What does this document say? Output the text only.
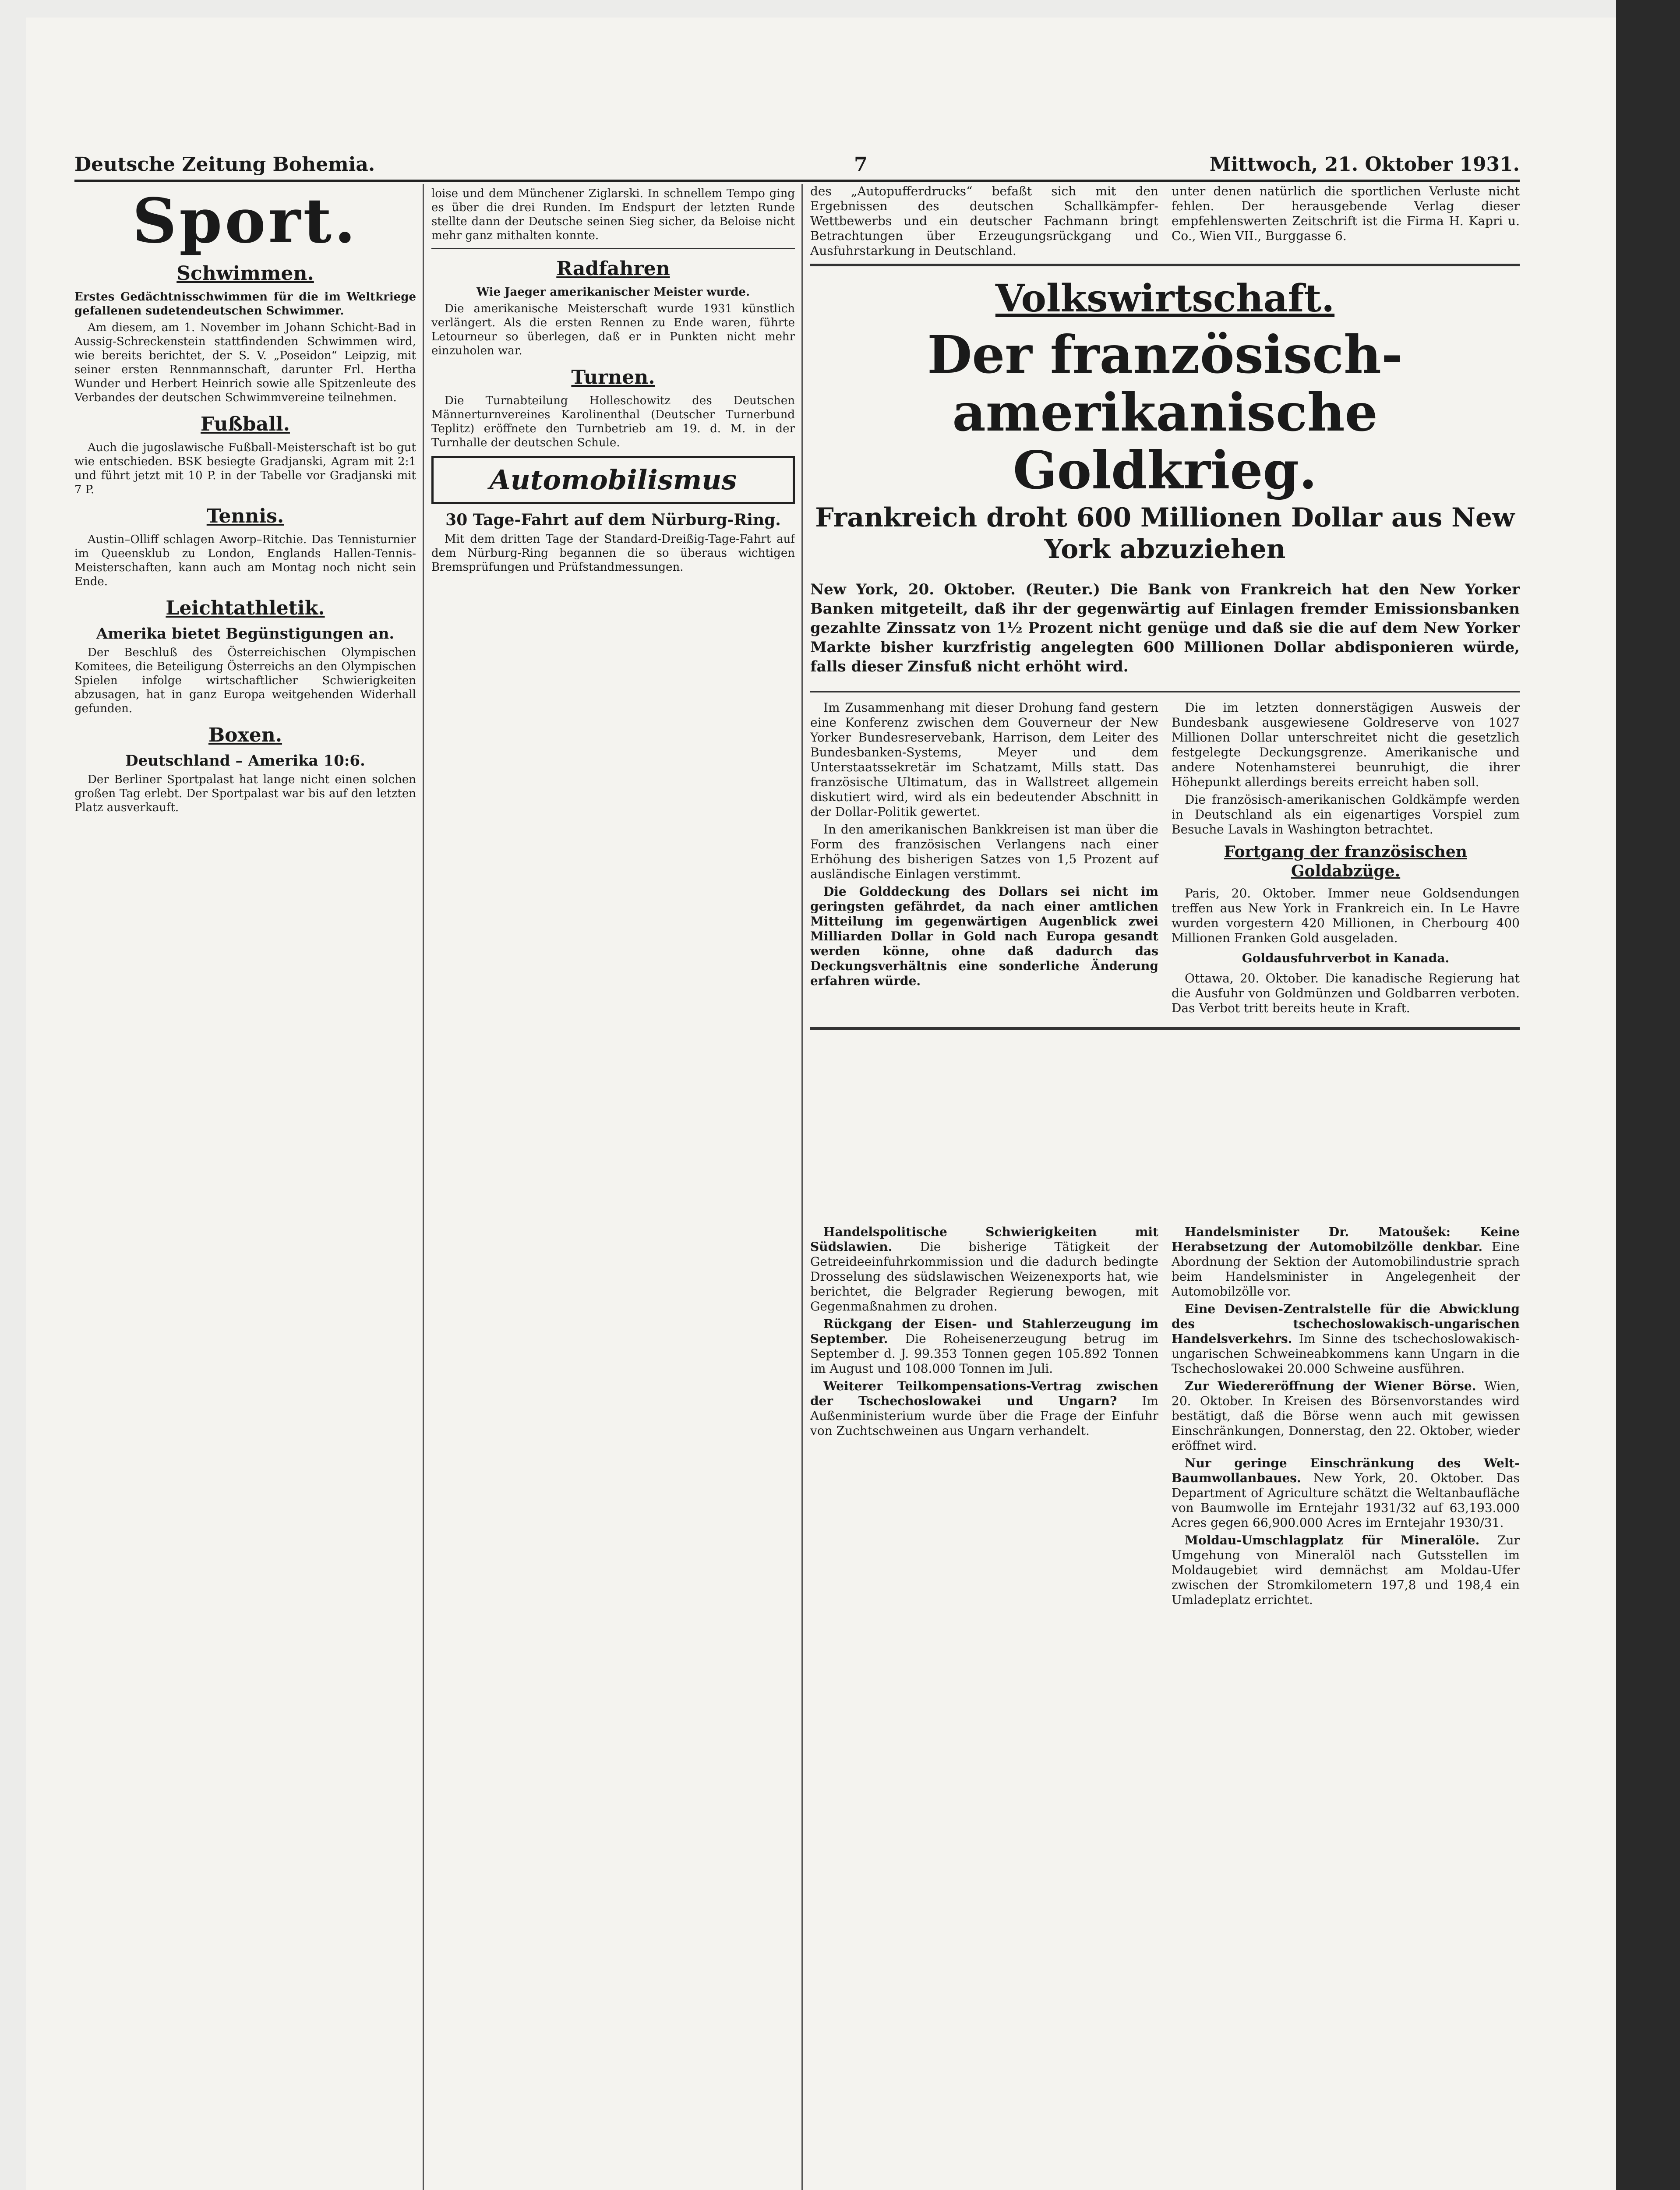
Deutsche Zeitung Bohemia.	7	Mittwoch, 21. Oktober 1931.
Sport.
Schwimmen.
Erstes Gedächtnisschwimmen für die im Weltkriege gefallenen sudetendeutschen Schwimmer.

Am diesem, am 1. November im Johann Schicht-Bad in Aussig-Schreckenstein stattfindenden Schwimmen wird, wie bereits berichtet, der S. V. „Poseidon“ Leipzig, mit seiner ersten Rennmannschaft, darunter Frl. Hertha Wunder und Herbert Heinrich sowie alle Spitzenleute des Verbandes der deutschen Schwimmvereine teilnehmen.

Fußball.

Auch die jugoslawische Fußball-Meisterschaft ist bo gut wie entschieden. BSK besiegte Gradjanski, Agram mit 2:1 und führt jetzt mit 10 P. in der Tabelle vor Gradjanski mit 7 P.

Tennis.

Austin–Olliff schlagen Aworp–Ritchie. Das Tennisturnier im Queensklub zu London, Englands Hallen-Tennis-Meisterschaften, kann auch am Montag noch nicht sein Ende.

Leichtathletik.
Amerika bietet Begünstigungen an.

Der Beschluß des Österreichischen Olympischen Komitees, die Beteiligung Österreichs an den Olympischen Spielen infolge wirtschaftlicher Schwierigkeiten abzusagen, hat in ganz Europa weitgehenden Widerhall gefunden.

Boxen.
Deutschland – Amerika 10:6.

Der Berliner Sportpalast hat lange nicht einen solchen großen Tag erlebt. Der Sportpalast war bis auf den letzten Platz ausverkauft.

loise und dem Münchener Ziglarski. In schnellem Tempo ging es über die drei Runden. Im Endspurt der letzten Runde stellte dann der Deutsche seinen Sieg sicher, da Beloise nicht mehr ganz mithalten konnte.

Radfahren
Wie Jaeger amerikanischer Meister wurde.

Die amerikanische Meisterschaft wurde 1931 künstlich verlängert. Als die ersten Rennen zu Ende waren, führte Letourneur so überlegen, daß er in Punkten nicht mehr einzuholen war.

Turnen.

Die Turnabteilung Holleschowitz des Deutschen Männerturnvereines Karolinenthal (Deutscher Turnerbund Teplitz) eröffnete den Turnbetrieb am 19. d. M. in der Turnhalle der deutschen Schule.

Automobilismus
30 Tage-Fahrt auf dem Nürburg-Ring.

Mit dem dritten Tage der Standard-Dreißig-Tage-Fahrt auf dem Nürburg-Ring begannen die so überaus wichtigen Bremsprüfungen und Prüfstandmessungen.

des „Autopufferdrucks“ befaßt sich mit den Ergebnissen des deutschen Schallkämpfer-Wettbewerbs und ein deutscher Fachmann bringt Betrachtungen über Erzeugungsrückgang und Ausfuhrstarkung in Deutschland.
unter denen natürlich die sportlichen Verluste nicht fehlen. Der herausgebende Verlag dieser empfehlenswerten Zeitschrift ist die Firma H. Kapri u. Co., Wien VII., Burggasse 6.
Volkswirtschaft.
Der französisch-amerikanische Goldkrieg.
Frankreich droht 600 Millionen Dollar aus New York abzuziehen

New York, 20. Oktober. (Reuter.) Die Bank von Frankreich hat den New Yorker Banken mitgeteilt, daß ihr der gegenwärtig auf Einlagen fremder Emissionsbanken gezahlte Zinssatz von 1½ Prozent nicht genüge und daß sie die auf dem New Yorker Markte bisher kurzfristig angelegten 600 Millionen Dollar abdisponieren würde, falls dieser Zinsfuß nicht erhöht wird.

Im Zusammenhang mit dieser Drohung fand gestern eine Konferenz zwischen dem Gouverneur der New Yorker Bundesreservebank, Harrison, dem Leiter des Bundesbanken-Systems, Meyer und dem Unterstaatssekretär im Schatzamt, Mills statt. Das französische Ultimatum, das in Wallstreet allgemein diskutiert wird, wird als ein bedeutender Abschnitt in der Dollar-Politik gewertet.

In den amerikanischen Bankkreisen ist man über die Form des französischen Verlangens nach einer Erhöhung des bisherigen Satzes von 1,5 Prozent auf ausländische Einlagen verstimmt.

Die Golddeckung des Dollars sei nicht im geringsten gefährdet, da nach einer amtlichen Mitteilung im gegenwärtigen Augenblick zwei Milliarden Dollar in Gold nach Europa gesandt werden könne, ohne daß dadurch das Deckungsverhältnis eine sonderliche Änderung erfahren würde.

Die im letzten donnerstägigen Ausweis der Bundesbank ausgewiesene Goldreserve von 1027 Millionen Dollar unterschreitet nicht die gesetzlich festgelegte Deckungsgrenze. Amerikanische und andere Notenhamsterei beunruhigt, die ihrer Höhepunkt allerdings bereits erreicht haben soll.

Die französisch-amerikanischen Goldkämpfe werden in Deutschland als ein eigenartiges Vorspiel zum Besuche Lavals in Washington betrachtet.

Fortgang der französischen Goldabzüge.

Paris, 20. Oktober. Immer neue Goldsendungen treffen aus New York in Frankreich ein. In Le Havre wurden vorgestern 420 Millionen, in Cherbourg 400 Millionen Franken Gold ausgeladen.

Goldausfuhrverbot in Kanada.

Ottawa, 20. Oktober. Die kanadische Regierung hat die Ausfuhr von Goldmünzen und Goldbarren verboten. Das Verbot tritt bereits heute in Kraft.

Handelspolitische Schwierigkeiten mit Südslawien. Die bisherige Tätigkeit der Getreideeinfuhrkommission und die dadurch bedingte Drosselung des südslawischen Weizenexports hat, wie berichtet, die Belgrader Regierung bewogen, mit Gegenmaßnahmen zu drohen.

Rückgang der Eisen- und Stahlerzeugung im September. Die Roheisenerzeugung betrug im September d. J. 99.353 Tonnen gegen 105.892 Tonnen im August und 108.000 Tonnen im Juli.

Weiterer Teilkompensations-Vertrag zwischen der Tschechoslowakei und Ungarn? Im Außenministerium wurde über die Frage der Einfuhr von Zuchtschweinen aus Ungarn verhandelt.

Handelsminister Dr. Matoušek: Keine Herabsetzung der Automobilzölle denkbar. Eine Abordnung der Sektion der Automobilindustrie sprach beim Handelsminister in Angelegenheit der Automobilzölle vor.

Eine Devisen-Zentralstelle für die Abwicklung des tschechoslowakisch-ungarischen Handelsverkehrs. Im Sinne des tschechoslowakisch-ungarischen Schweineabkommens kann Ungarn in die Tschechoslowakei 20.000 Schweine ausführen.

Zur Wiedereröffnung der Wiener Börse. Wien, 20. Oktober. In Kreisen des Börsenvorstandes wird bestätigt, daß die Börse wenn auch mit gewissen Einschränkungen, Donnerstag, den 22. Oktober, wieder eröffnet wird.

Nur geringe Einschränkung des Welt-Baumwollanbaues. New York, 20. Oktober. Das Department of Agriculture schätzt die Weltanbaufläche von Baumwolle im Erntejahr 1931/32 auf 63,193.000 Acres gegen 66,900.000 Acres im Erntejahr 1930/31.

Moldau-Umschlagplatz für Mineralöle. Zur Umgehung von Mineralöl nach Gutsstellen im Moldaugebiet wird demnächst am Moldau-Ufer zwischen der Stromkilometern 197,8 und 198,4 ein Umladeplatz errichtet.
